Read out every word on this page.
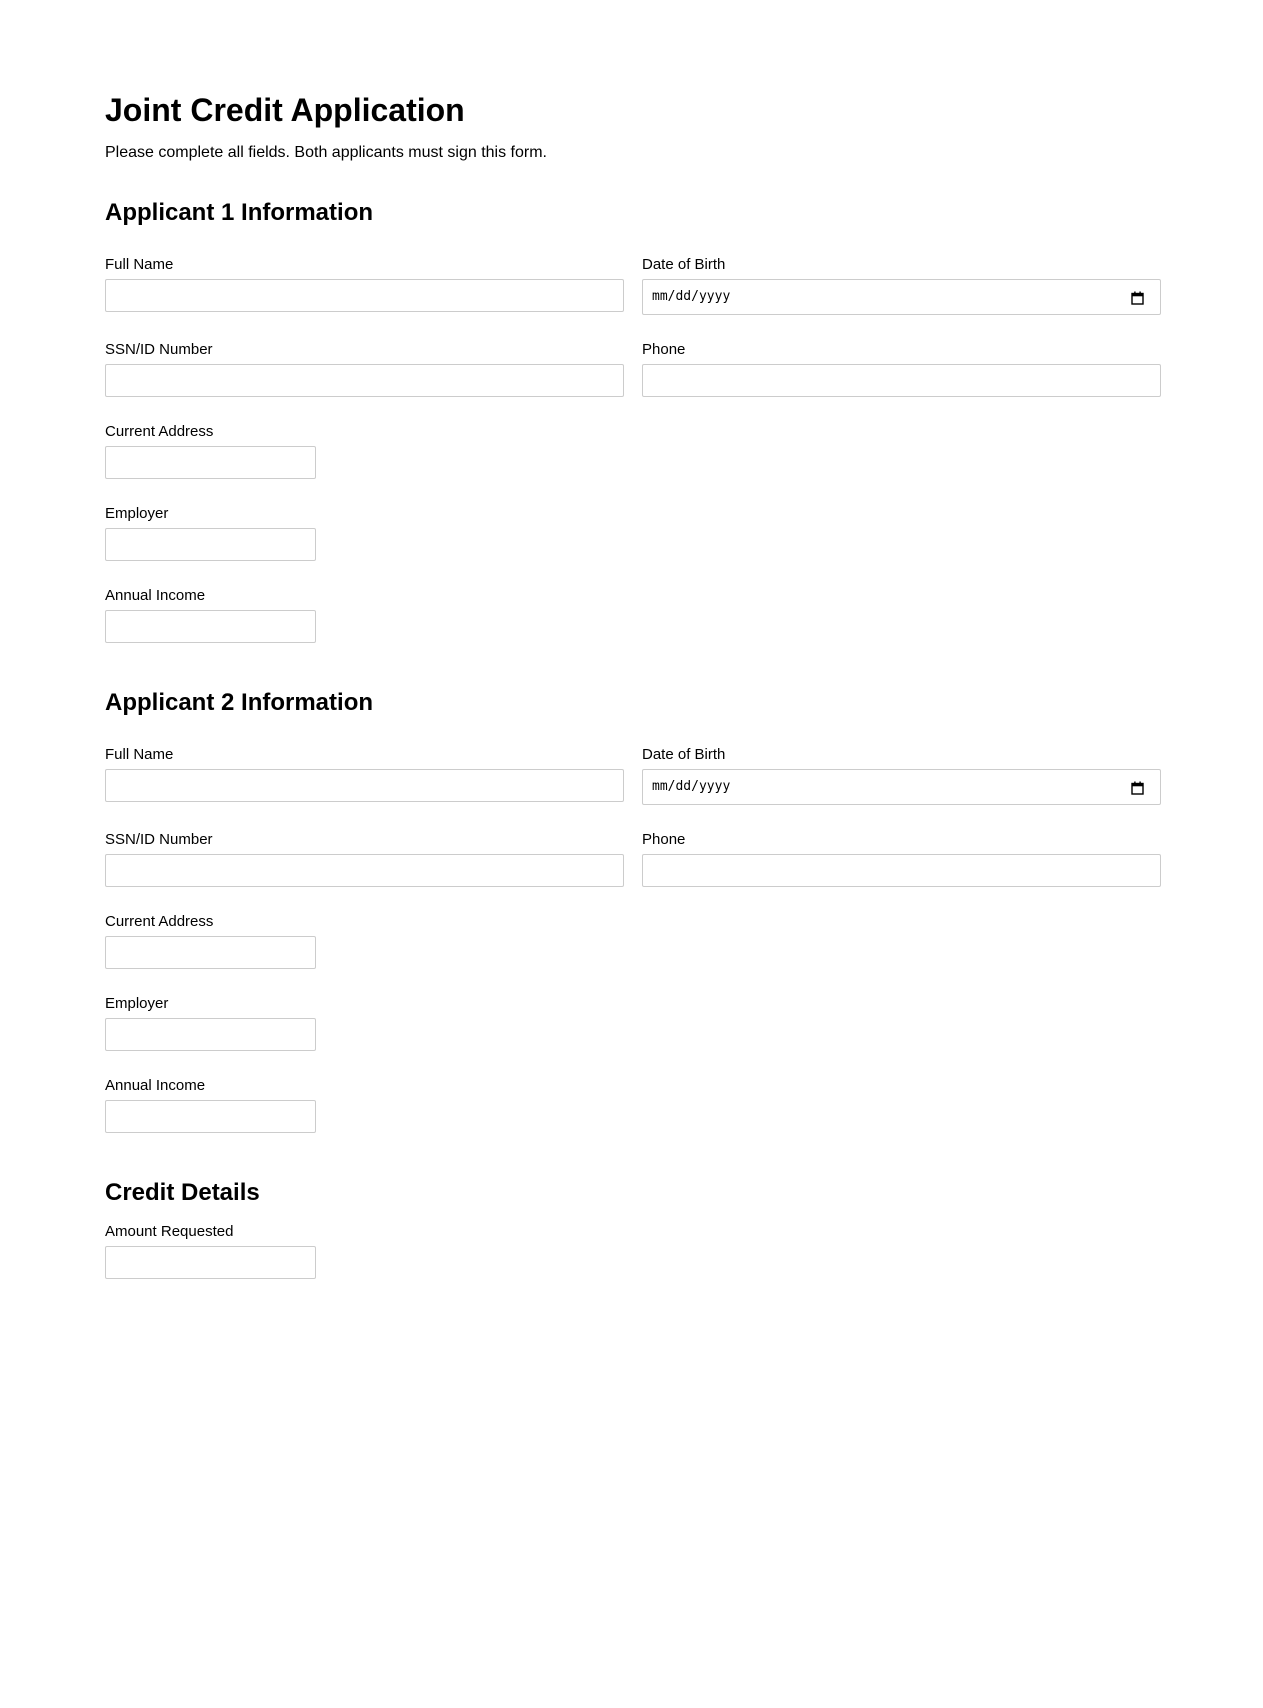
Joint Credit Application

Please complete all fields. Both applicants must sign this form.

Applicant 1 Information
Full Name	Date of Birth
mm/dd/yyyy
SSN/ID Number	Phone
Current Address
Employer
Annual Income
Applicant 2 Information
Full Name	Date of Birth
mm/dd/yyyy
SSN/ID Number	Phone
Current Address
Employer
Annual Income
Credit Details
Amount Requested
